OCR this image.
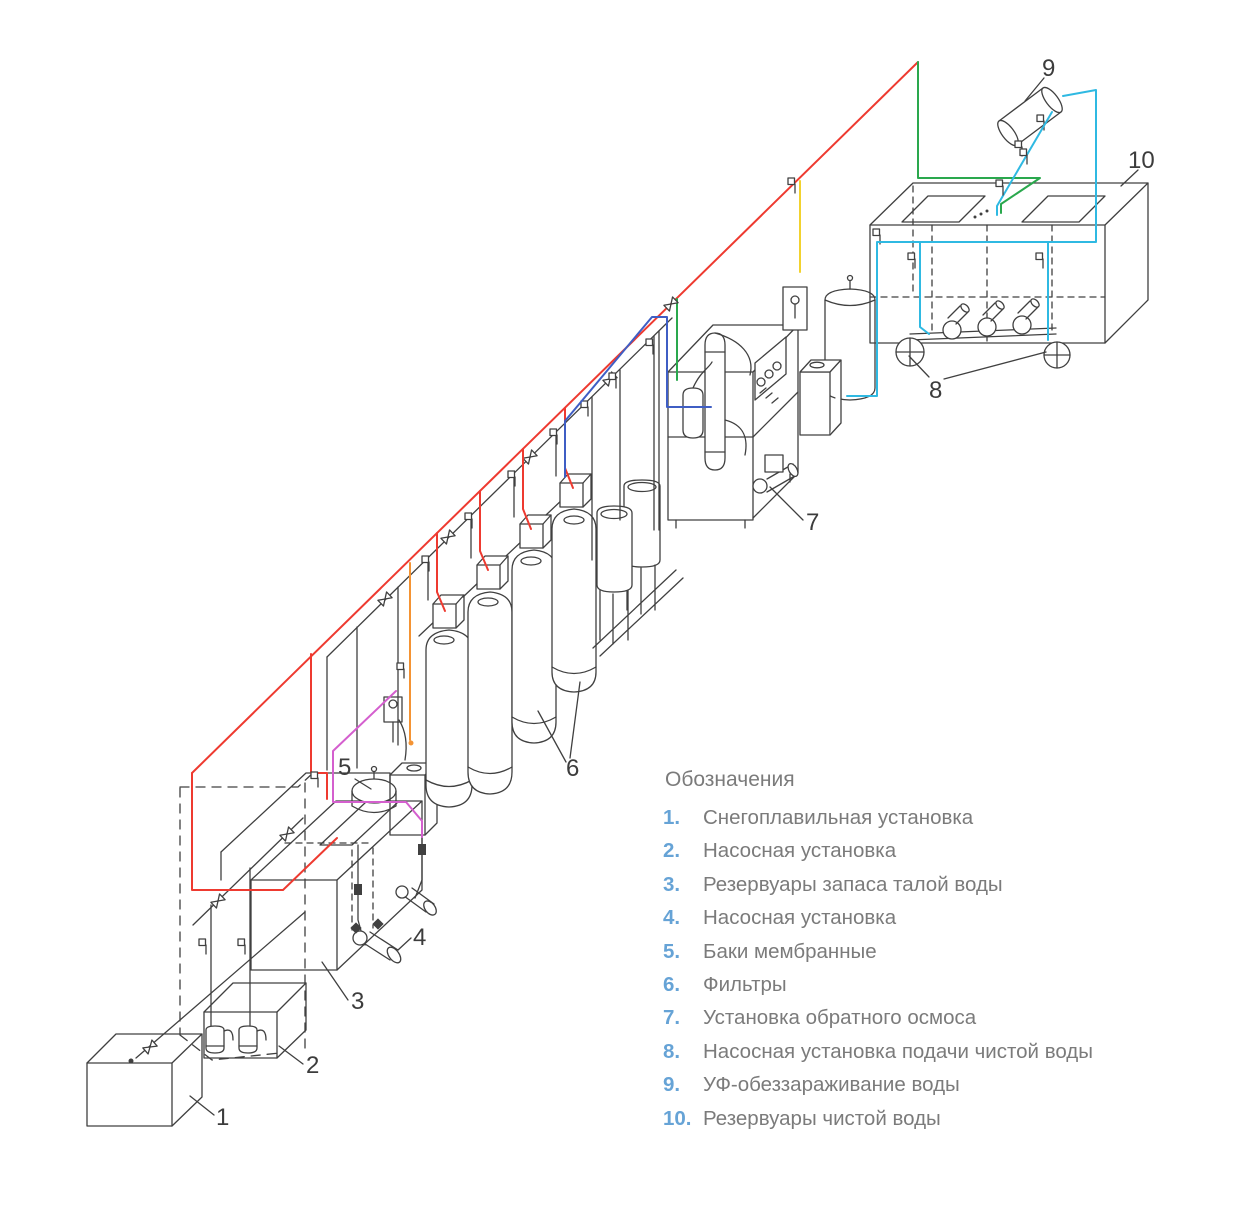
1
2
3
4
5	6
7
8
9
10
Обозначения
1.	Снегоплавильная установка
2.	Насосная установка
3.	Резервуары запаса талой воды
4.	Насосная установка
5.	Баки мембранные
6.	Фильтры
7.	Установка обратного осмоса
8.	Насосная установка подачи чистой воды
9.	УФ-обеззараживание воды
10. Резервуары чистой воды
